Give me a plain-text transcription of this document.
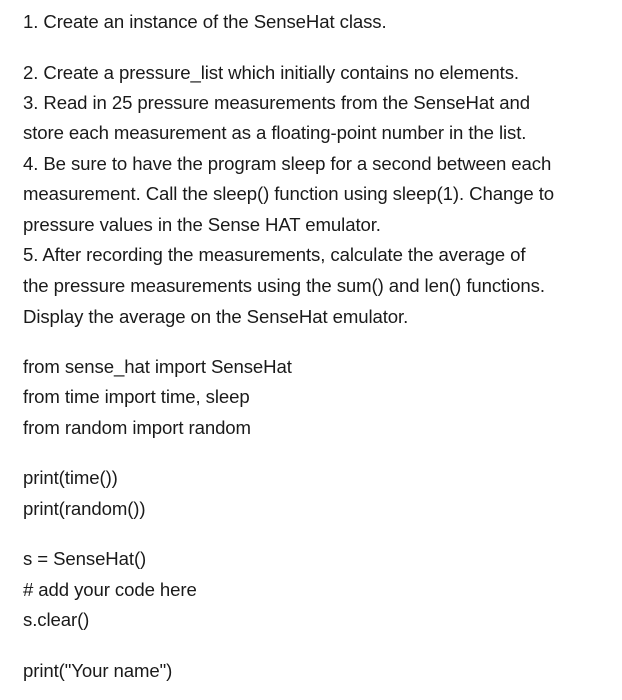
1. Create an instance of the SenseHat class.
2. Create a pressure_list which initially contains no elements.
3. Read in 25 pressure measurements from the SenseHat and
store each measurement as a floating-point number in the list.
4. Be sure to have the program sleep for a second between each
measurement. Call the sleep() function using sleep(1). Change to
pressure values in the Sense HAT emulator.
5. After recording the measurements, calculate the average of
the pressure measurements using the sum() and len() functions.
Display the average on the SenseHat emulator.
from sense_hat import SenseHat
from time import time, sleep
from random import random
print(time())
print(random())
s = SenseHat()
# add your code here
s.clear()
print("Your name")
